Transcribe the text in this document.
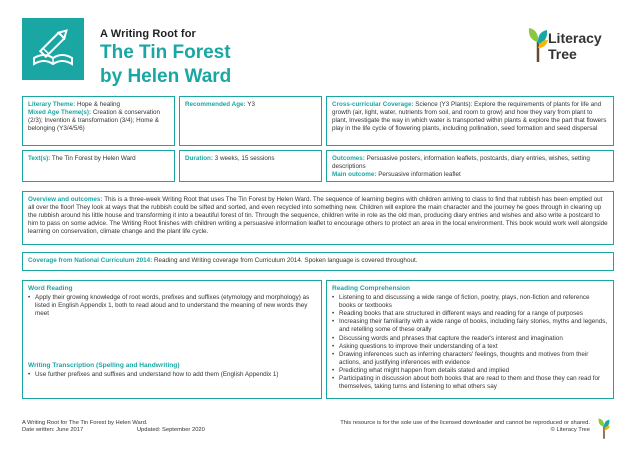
A Writing Root for
The Tin Forest
by Helen Ward
Literacy
Tree
Literary Theme: Hope & healing
Mixed Age Theme(s): Creation & conservation (2/3); Invention & transformation (3/4); Home & belonging (Y3/4/5/6)
Recommended Age: Y3	Cross-curricular Coverage: Science (Y3 Plants): Explore the requirements of plants for life and growth (air, light, water, nutrients from soil, and room to grow) and how they vary from plant to plant, Investigate the way in which water is transported within plants & explore the part that flowers play in the life cycle of flowering plants, including pollination, seed formation and seed dispersal
Text(s): The Tin Forest by Helen Ward	Duration: 3 weeks, 15 sessions	Outcomes: Persuasive posters, information leaflets, postcards, diary entries, wishes, setting descriptions
Main outcome: Persuasive information leaflet
Overview and outcomes: This is a three-week Writing Root that uses The Tin Forest by Helen Ward. The sequence of learning begins with children arriving to class to find that rubbish has been emptied out all over the floor! They look at ways that the rubbish could be sifted and sorted, and even recycled into something new. Children will explore the main character and the journey he goes through in clearing up the rubbish around his little house and transforming it into a beautiful forest of tin. Through the sequence, children write in role as the old man, producing diary entries and wishes and also write a postcard to him to pass on some advice. The Writing Root finishes with children writing a persuasive information leaflet to encourage others to protect an area in the local environment. This book would work well alongside learning on conservation, climate change and the plant life cycle.
Coverage from National Curriculum 2014: Reading and Writing coverage from Curriculum 2014. Spoken language is covered throughout.
Word Reading
• Apply their growing knowledge of root words, prefixes and suffixes (etymology and morphology) as listed in English Appendix 1, both to read aloud and to understand the meaning of new words they meet
Writing Transcription (Spelling and Handwriting)
• Use further prefixes and suffixes and understand how to add them (English Appendix 1)
Reading Comprehension
• Listening to and discussing a wide range of fiction, poetry, plays, non-fiction and reference books or textbooks
• Reading books that are structured in different ways and reading for a range of purposes
• Increasing their familiarity with a wide range of books, including fairy stories, myths and legends, and retelling some of these orally
• Discussing words and phrases that capture the reader's interest and imagination
• Asking questions to improve their understanding of a text
• Drawing inferences such as inferring characters' feelings, thoughts and motives from their actions, and justifying inferences with evidence
• Predicting what might happen from details stated and implied
• Participating in discussion about both books that are read to them and those they can read for themselves, taking turns and listening to what others say
A Writing Root for The Tin Forest by Helen Ward.
Date written: June 2017	Updated: September 2020
This resource is for the sole use of the licensed downloader and cannot be reproduced or shared.
© Literacy Tree
